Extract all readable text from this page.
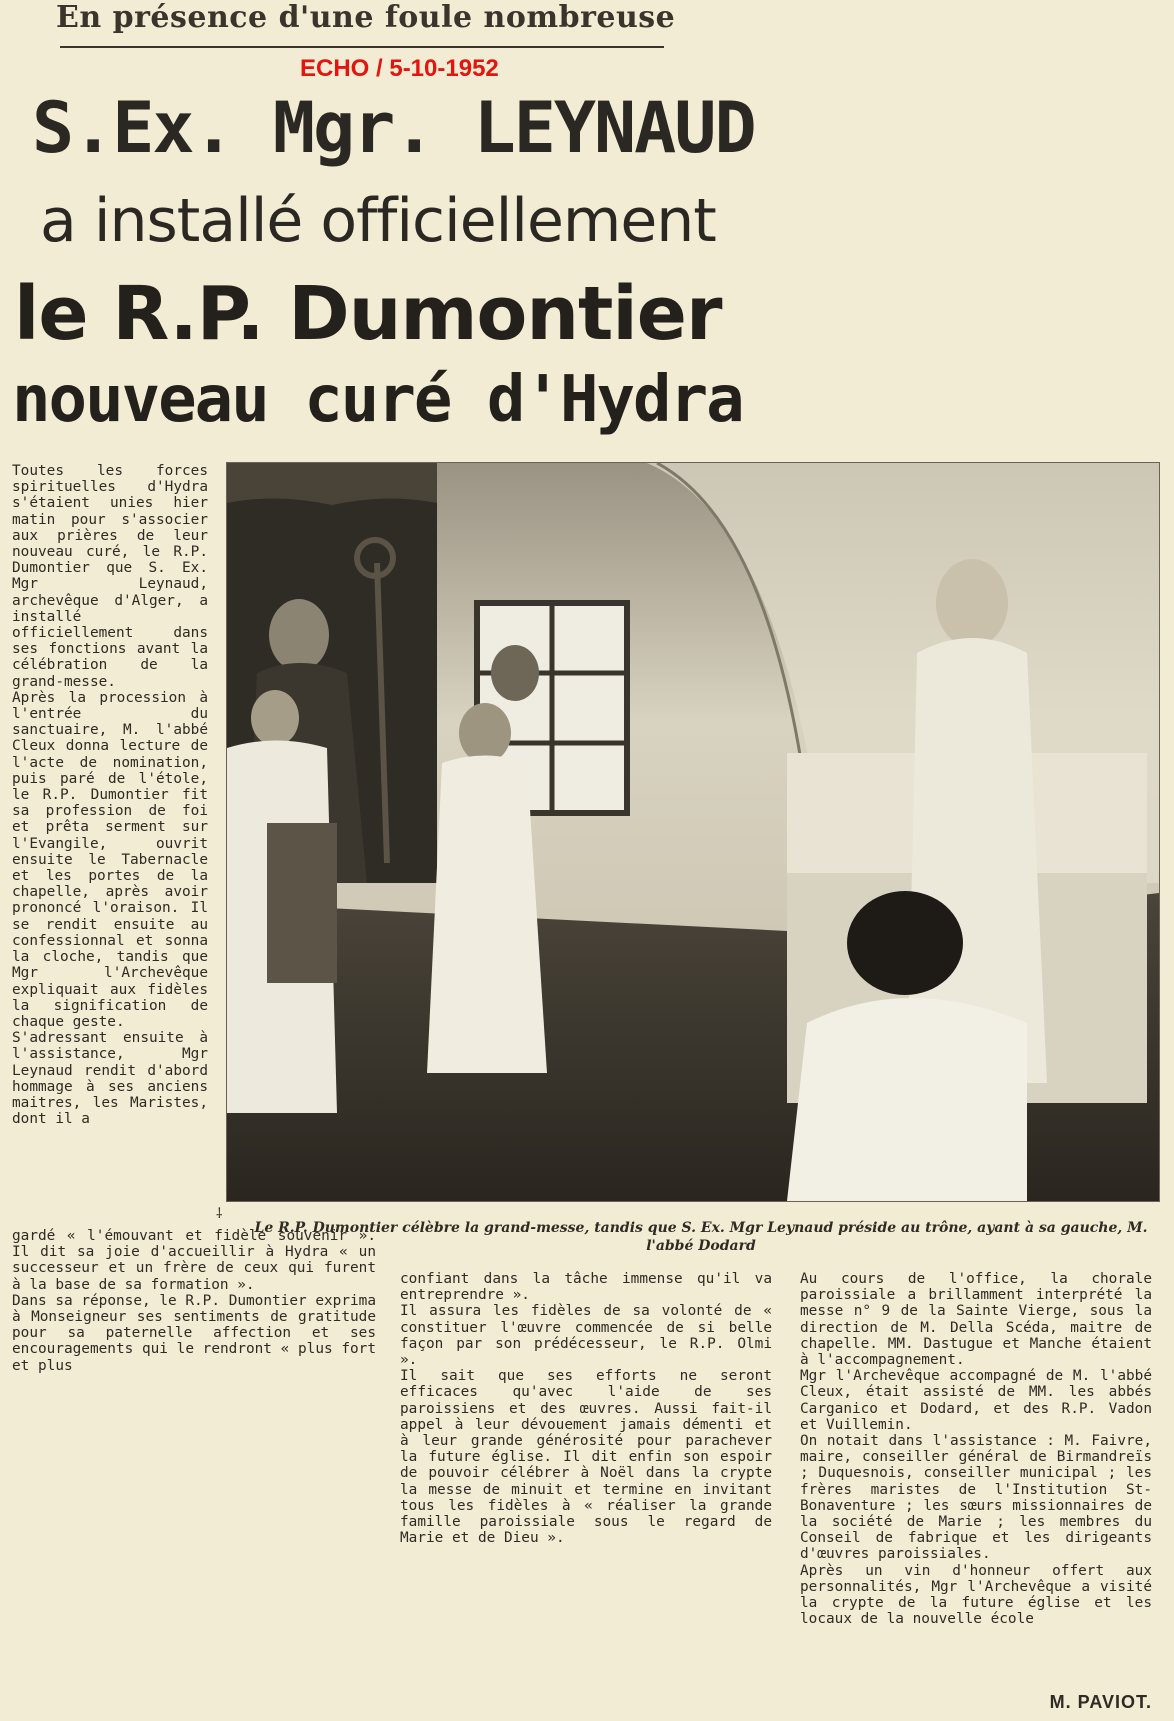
En présence d'une foule nombreuse
ECHO / 5-10-1952
S.Ex. Mgr. LEYNAUD
a installé officiellement
le R.P. Dumontier
nouveau curé d'Hydra
Toutes les forces spirituelles d'Hydra s'étaient unies hier matin pour s'associer aux prières de leur nouveau curé, le R.P. Dumontier que S. Ex. Mgr Leynaud, archevêque d'Alger, a installé officiellement dans ses fonctions avant la célébration de la grand-messe.
Après la procession à l'entrée du sanctuaire, M. l'abbé Cleux donna lecture de l'acte de nomination, puis paré de l'étole, le R.P. Dumontier fit sa profession de foi et prêta serment sur l'Evangile, ouvrit ensuite le Tabernacle et les portes de la chapelle, après avoir prononcé l'oraison. Il se rendit ensuite au confessionnal et sonna la cloche, tandis que Mgr l'Archevêque expliquait aux fidèles la signification de chaque geste.
S'adressant ensuite à l'assistance, Mgr Leynaud rendit d'abord hommage à ses anciens maitres, les Maristes, dont il a
⸸
Le R.P. Dumontier célèbre la grand-messe, tandis que S. Ex. Mgr Leynaud préside au trône, ayant à sa gauche, M. l'abbé Dodard
gardé « l'émouvant et fidèle souvenir ». Il dit sa joie d'accueillir à Hydra « un successeur et un frère de ceux qui furent à la base de sa formation ».
Dans sa réponse, le R.P. Dumontier exprima à Monseigneur ses sentiments de gratitude pour sa paternelle affection et ses encouragements qui le rendront « plus fort et plus
confiant dans la tâche immense qu'il va entreprendre ».
Il assura les fidèles de sa volonté de « constituer l'œuvre commencée de si belle façon par son prédécesseur, le R.P. Olmi ».
Il sait que ses efforts ne seront efficaces qu'avec l'aide de ses paroissiens et des œuvres. Aussi fait-il appel à leur dévouement jamais démenti et à leur grande générosité pour parachever la future église. Il dit enfin son espoir de pouvoir célébrer à Noël dans la crypte la messe de minuit et termine en invitant tous les fidèles à « réaliser la grande famille paroissiale sous le regard de Marie et de Dieu ».
Au cours de l'office, la chorale paroissiale a brillamment interprété la messe n° 9 de la Sainte Vierge, sous la direction de M. Della Scéda, maitre de chapelle. MM. Dastugue et Manche étaient à l'accompagnement.
Mgr l'Archevêque accompagné de M. l'abbé Cleux, était assisté de MM. les abbés Carganico et Dodard, et des R.P. Vadon et Vuillemin.
On notait dans l'assistance : M. Faivre, maire, conseiller général de Birmandreïs ; Duquesnois, conseiller municipal ; les frères maristes de l'Institution St-Bonaventure ; les sœurs missionnaires de la société de Marie ; les membres du Conseil de fabrique et les dirigeants d'œuvres paroissiales.
Après un vin d'honneur offert aux personnalités, Mgr l'Archevêque a visité la crypte de la future église et les locaux de la nouvelle école
M. PAVIOT.
